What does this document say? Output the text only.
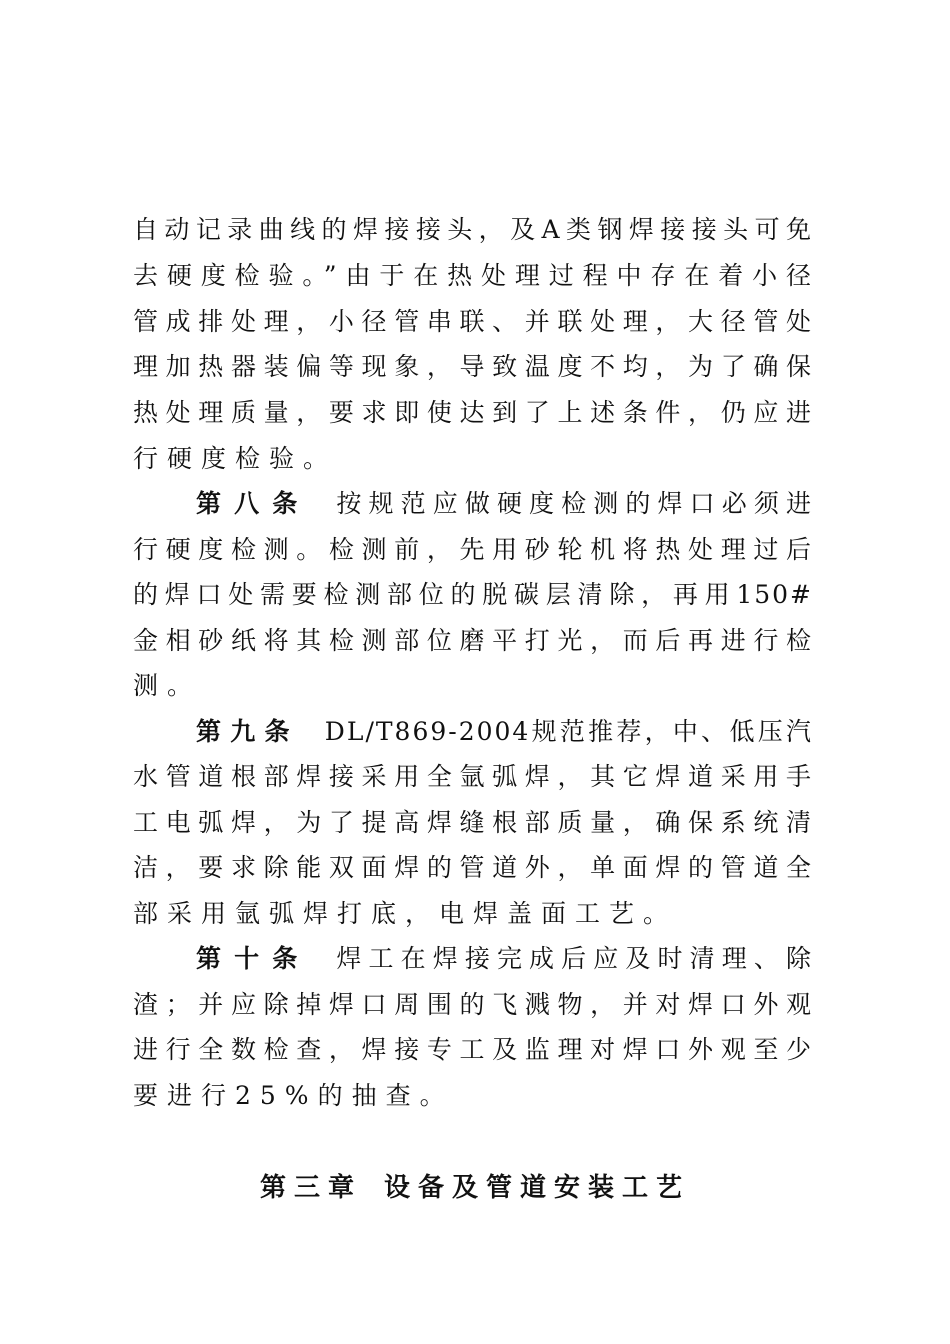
自动记录曲线的焊接接头，及A类钢焊接接头可免
去硬度检验。”由于在热处理过程中存在着小径
管成排处理，小径管串联、并联处理，大径管处
理加热器装偏等现象，导致温度不均，为了确保
热处理质量，要求即使达到了上述条件，仍应进
行硬度检验。
第八条 按规范应做硬度检测的焊口必须进
行硬度检测。检测前，先用砂轮机将热处理过后
的焊口处需要检测部位的脱碳层清除，再用150#
金相砂纸将其检测部位磨平打光，而后再进行检
测。
第九条 DL/T869-2004规范推荐，中、低压汽
水管道根部焊接采用全氩弧焊，其它焊道采用手
工电弧焊，为了提高焊缝根部质量，确保系统清
洁，要求除能双面焊的管道外，单面焊的管道全
部采用氩弧焊打底，电焊盖面工艺。
第十条 焊工在焊接完成后应及时清理、除
渣；并应除掉焊口周围的飞溅物，并对焊口外观
进行全数检查，焊接专工及监理对焊口外观至少
要进行25%的抽查。
第三章 设备及管道安装工艺
